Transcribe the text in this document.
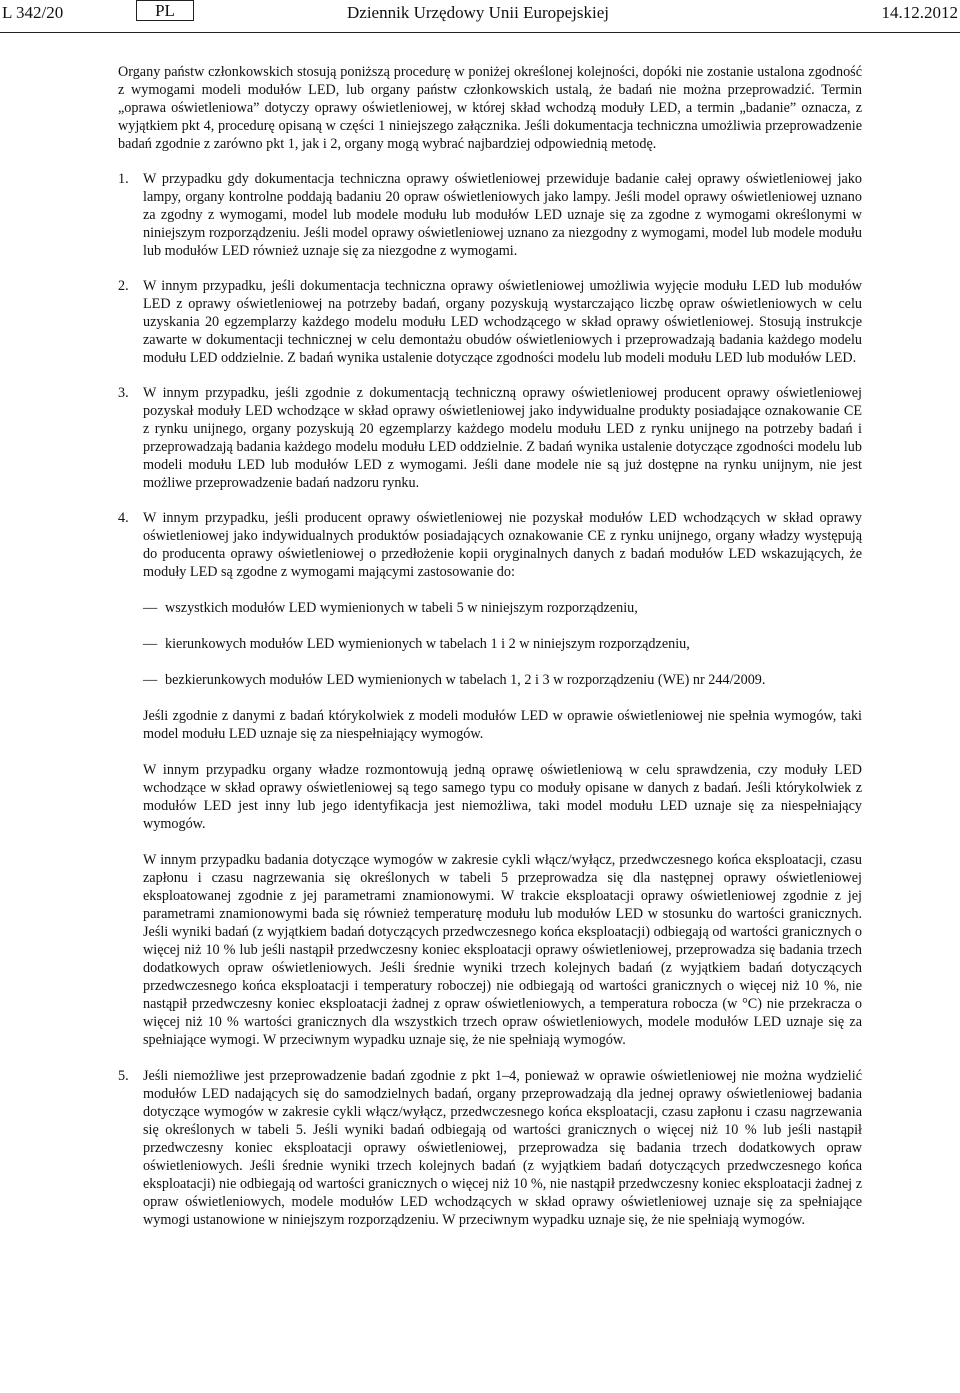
L 342/20	PL	Dziennik Urzędowy Unii Europejskiej	14.12.2012

Organy państw członkowskich stosują poniższą procedurę w poniżej określonej kolejności, dopóki nie zostanie ustalona zgodność z wymogami modeli modułów LED, lub organy państw członkowskich ustalą, że badań nie można przeprowadzić. Termin „oprawa oświetleniowa” dotyczy oprawy oświetleniowej, w której skład wchodzą moduły LED, a termin „badanie” oznacza, z wyjątkiem pkt 4, procedurę opisaną w części 1 niniejszego załącznika. Jeśli dokumentacja techniczna umożliwia przeprowadzenie badań zgodnie z zarówno pkt 1, jak i 2, organy mogą wybrać najbardziej odpowiednią metodę.

1. W przypadku gdy dokumentacja techniczna oprawy oświetleniowej przewiduje badanie całej oprawy oświetleniowej jako lampy, organy kontrolne poddają badaniu 20 opraw oświetleniowych jako lampy. Jeśli model oprawy oświetleniowej uznano za zgodny z wymogami, model lub modele modułu lub modułów LED uznaje się za zgodne z wymogami określonymi w niniejszym rozporządzeniu. Jeśli model oprawy oświetleniowej uznano za niezgodny z wymogami, model lub modele modułu lub modułów LED również uznaje się za niezgodne z wymogami.

2. W innym przypadku, jeśli dokumentacja techniczna oprawy oświetleniowej umożliwia wyjęcie modułu LED lub modułów LED z oprawy oświetleniowej na potrzeby badań, organy pozyskują wystarczająco liczbę opraw oświetleniowych w celu uzyskania 20 egzemplarzy każdego modelu modułu LED wchodzącego w skład oprawy oświetleniowej. Stosują instrukcje zawarte w dokumentacji technicznej w celu demontażu obudów oświetleniowych i przeprowadzają badania każdego modelu modułu LED oddzielnie. Z badań wynika ustalenie dotyczące zgodności modelu lub modeli modułu LED lub modułów LED.

3. W innym przypadku, jeśli zgodnie z dokumentacją techniczną oprawy oświetleniowej producent oprawy oświetleniowej pozyskał moduły LED wchodzące w skład oprawy oświetleniowej jako indywidualne produkty posiadające oznakowanie CE z rynku unijnego, organy pozyskują 20 egzemplarzy każdego modelu modułu LED z rynku unijnego na potrzeby badań i przeprowadzają badania każdego modelu modułu LED oddzielnie. Z badań wynika ustalenie dotyczące zgodności modelu lub modeli modułu LED lub modułów LED z wymogami. Jeśli dane modele nie są już dostępne na rynku unijnym, nie jest możliwe przeprowadzenie badań nadzoru rynku.

4. W innym przypadku, jeśli producent oprawy oświetleniowej nie pozyskał modułów LED wchodzących w skład oprawy oświetleniowej jako indywidualnych produktów posiadających oznakowanie CE z rynku unijnego, organy władzy występują do producenta oprawy oświetleniowej o przedłożenie kopii oryginalnych danych z badań modułów LED wskazujących, że moduły LED są zgodne z wymogami mającymi zastosowanie do:

— wszystkich modułów LED wymienionych w tabeli 5 w niniejszym rozporządzeniu,

— kierunkowych modułów LED wymienionych w tabelach 1 i 2 w niniejszym rozporządzeniu,

— bezkierunkowych modułów LED wymienionych w tabelach 1, 2 i 3 w rozporządzeniu (WE) nr 244/2009.

Jeśli zgodnie z danymi z badań którykolwiek z modeli modułów LED w oprawie oświetleniowej nie spełnia wymogów, taki model modułu LED uznaje się za niespełniający wymogów.

W innym przypadku organy władze rozmontowują jedną oprawę oświetleniową w celu sprawdzenia, czy moduły LED wchodzące w skład oprawy oświetleniowej są tego samego typu co moduły opisane w danych z badań. Jeśli którykolwiek z modułów LED jest inny lub jego identyfikacja jest niemożliwa, taki model modułu LED uznaje się za niespełniający wymogów.

W innym przypadku badania dotyczące wymogów w zakresie cykli włącz/wyłącz, przedwczesnego końca eksploatacji, czasu zapłonu i czasu nagrzewania się określonych w tabeli 5 przeprowadza się dla następnej oprawy oświetleniowej eksploatowanej zgodnie z jej parametrami znamionowymi. W trakcie eksploatacji oprawy oświetleniowej zgodnie z jej parametrami znamionowymi bada się również temperaturę modułu lub modułów LED w stosunku do wartości granicznych. Jeśli wyniki badań (z wyjątkiem badań dotyczących przedwczesnego końca eksploatacji) odbiegają od wartości granicznych o więcej niż 10 % lub jeśli nastąpił przedwczesny koniec eksploatacji oprawy oświetleniowej, przeprowadza się badania trzech dodatkowych opraw oświetleniowych. Jeśli średnie wyniki trzech kolejnych badań (z wyjątkiem badań dotyczących przedwczesnego końca eksploatacji i temperatury roboczej) nie odbiegają od wartości granicznych o więcej niż 10 %, nie nastąpił przedwczesny koniec eksploatacji żadnej z opraw oświetleniowych, a temperatura robocza (w °C) nie przekracza o więcej niż 10 % wartości granicznych dla wszystkich trzech opraw oświetleniowych, modele modułów LED uznaje się za spełniające wymogi. W przeciwnym wypadku uznaje się, że nie spełniają wymogów.

5. Jeśli niemożliwe jest przeprowadzenie badań zgodnie z pkt 1–4, ponieważ w oprawie oświetleniowej nie można wydzielić modułów LED nadających się do samodzielnych badań, organy przeprowadzają dla jednej oprawy oświetleniowej badania dotyczące wymogów w zakresie cykli włącz/wyłącz, przedwczesnego końca eksploatacji, czasu zapłonu i czasu nagrzewania się określonych w tabeli 5. Jeśli wyniki badań odbiegają od wartości granicznych o więcej niż 10 % lub jeśli nastąpił przedwczesny koniec eksploatacji oprawy oświetleniowej, przeprowadza się badania trzech dodatkowych opraw oświetleniowych. Jeśli średnie wyniki trzech kolejnych badań (z wyjątkiem badań dotyczących przedwczesnego końca eksploatacji) nie odbiegają od wartości granicznych o więcej niż 10 %, nie nastąpił przedwczesny koniec eksploatacji żadnej z opraw oświetleniowych, modele modułów LED wchodzących w skład oprawy oświetleniowej uznaje się za spełniające wymogi ustanowione w niniejszym rozporządzeniu. W przeciwnym wypadku uznaje się, że nie spełniają wymogów.
